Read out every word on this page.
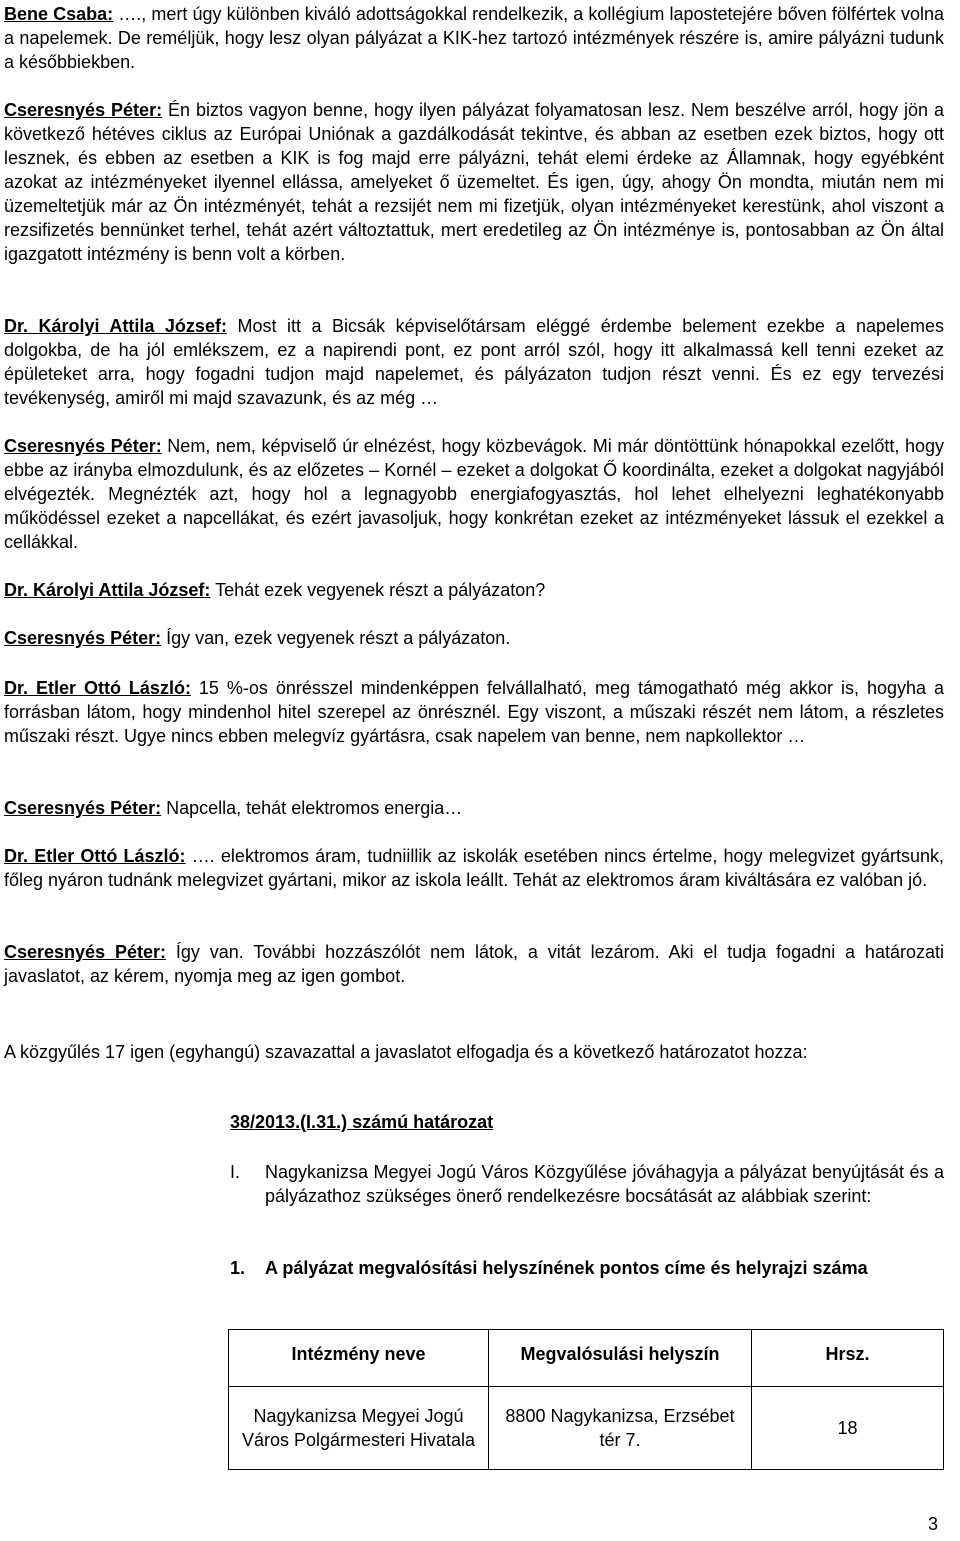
Bene Csaba: …., mert úgy különben kiváló adottságokkal rendelkezik, a kollégium lapostetejére bőven fölfértek volna a napelemek. De reméljük, hogy lesz olyan pályázat a KIK-hez tartozó intézmények részére is, amire pályázni tudunk a későbbiekben.

Cseresnyés Péter: Én biztos vagyon benne, hogy ilyen pályázat folyamatosan lesz. Nem beszélve arról, hogy jön a következő hétéves ciklus az Európai Uniónak a gazdálkodását tekintve, és abban az esetben ezek biztos, hogy ott lesznek, és ebben az esetben a KIK is fog majd erre pályázni, tehát elemi érdeke az Államnak, hogy egyébként azokat az intézményeket ilyennel ellássa, amelyeket ő üzemeltet. És igen, úgy, ahogy Ön mondta, miután nem mi üzemeltetjük már az Ön intézményét, tehát a rezsijét nem mi fizetjük, olyan intézményeket kerestünk, ahol viszont a rezsifizetés bennünket terhel, tehát azért változtattuk, mert eredetileg az Ön intézménye is, pontosabban az Ön által igazgatott intézmény is benn volt a körben.

Dr. Károlyi Attila József: Most itt a Bicsák képviselőtársam eléggé érdembe belement ezekbe a napelemes dolgokba, de ha jól emlékszem, ez a napirendi pont, ez pont arról szól, hogy itt alkalmassá kell tenni ezeket az épületeket arra, hogy fogadni tudjon majd napelemet, és pályázaton tudjon részt venni. És ez egy tervezési tevékenység, amiről mi majd szavazunk, és az még …

Cseresnyés Péter: Nem, nem, képviselő úr elnézést, hogy közbevágok. Mi már döntöttünk hónapokkal ezelőtt, hogy ebbe az irányba elmozdulunk, és az előzetes – Kornél – ezeket a dolgokat Ő koordinálta, ezeket a dolgokat nagyjából elvégezték. Megnézték azt, hogy hol a legnagyobb energiafogyasztás, hol lehet elhelyezni leghatékonyabb működéssel ezeket a napcellákat, és ezért javasoljuk, hogy konkrétan ezeket az intézményeket lássuk el ezekkel a cellákkal.

Dr. Károlyi Attila József: Tehát ezek vegyenek részt a pályázaton?

Cseresnyés Péter: Így van, ezek vegyenek részt a pályázaton.

Dr. Etler Ottó László: 15 %-os önrésszel mindenképpen felvállalható, meg támogatható még akkor is, hogyha a forrásban látom, hogy mindenhol hitel szerepel az önrésznél. Egy viszont, a műszaki részét nem látom, a részletes műszaki részt. Ugye nincs ebben melegvíz gyártásra, csak napelem van benne, nem napkollektor …

Cseresnyés Péter: Napcella, tehát elektromos energia…

Dr. Etler Ottó László: …. elektromos áram, tudniillik az iskolák esetében nincs értelme, hogy melegvizet gyártsunk, főleg nyáron tudnánk melegvizet gyártani, mikor az iskola leállt. Tehát az elektromos áram kiváltására ez valóban jó.

Cseresnyés Péter: Így van. További hozzászólót nem látok, a vitát lezárom. Aki el tudja fogadni a határozati javaslatot, az kérem, nyomja meg az igen gombot.

A közgyűlés 17 igen (egyhangú) szavazattal a javaslatot elfogadja és a következő határozatot hozza:

38/2013.(I.31.) számú határozat
I. Nagykanizsa Megyei Jogú Város Közgyűlése jóváhagyja a pályázat benyújtását és a pályázathoz szükséges önerő rendelkezésre bocsátását az alábbiak szerint:
1. A pályázat megvalósítási helyszínének pontos címe és helyrajzi száma
Intézmény neve	Megvalósulási helyszín	Hrsz.
Nagykanizsa Megyei Jogú Város Polgármesteri Hivatala	8800 Nagykanizsa, Erzsébet tér 7.	18
3
